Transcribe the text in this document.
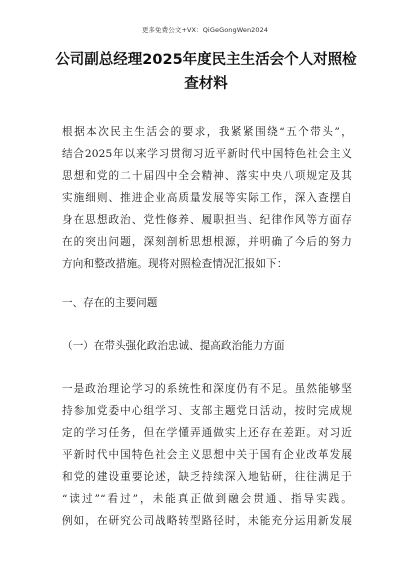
更多免费公文+VX：QiGeGongWen2024
公司副总经理2025年度民主生活会个人对照检
查材料
根据本次民主生活会的要求，我紧紧围绕“五个带头”，
结合2025年以来学习贯彻习近平新时代中国特色社会主义
思想和党的二十届四中全会精神、落实中央八项规定及其
实施细则、推进企业高质量发展等实际工作，深入查摆自
身在思想政治、党性修养、履职担当、纪律作风等方面存
在的突出问题，深刻剖析思想根源，并明确了今后的努力
方向和整改措施。现将对照检查情况汇报如下：
一、存在的主要问题
（一）在带头强化政治忠诚、提高政治能力方面
一是政治理论学习的系统性和深度仍有不足。虽然能够坚
持参加党委中心组学习、支部主题党日活动，按时完成规
定的学习任务，但在学懂弄通做实上还存在差距。对习近
平新时代中国特色社会主义思想中关于国有企业改革发展
和党的建设重要论述，缺乏持续深入地钻研，往往满足于
“读过”“看过”，未能真正做到融会贯通、指导实践。
例如，在研究公司战略转型路径时，未能充分运用新发展
